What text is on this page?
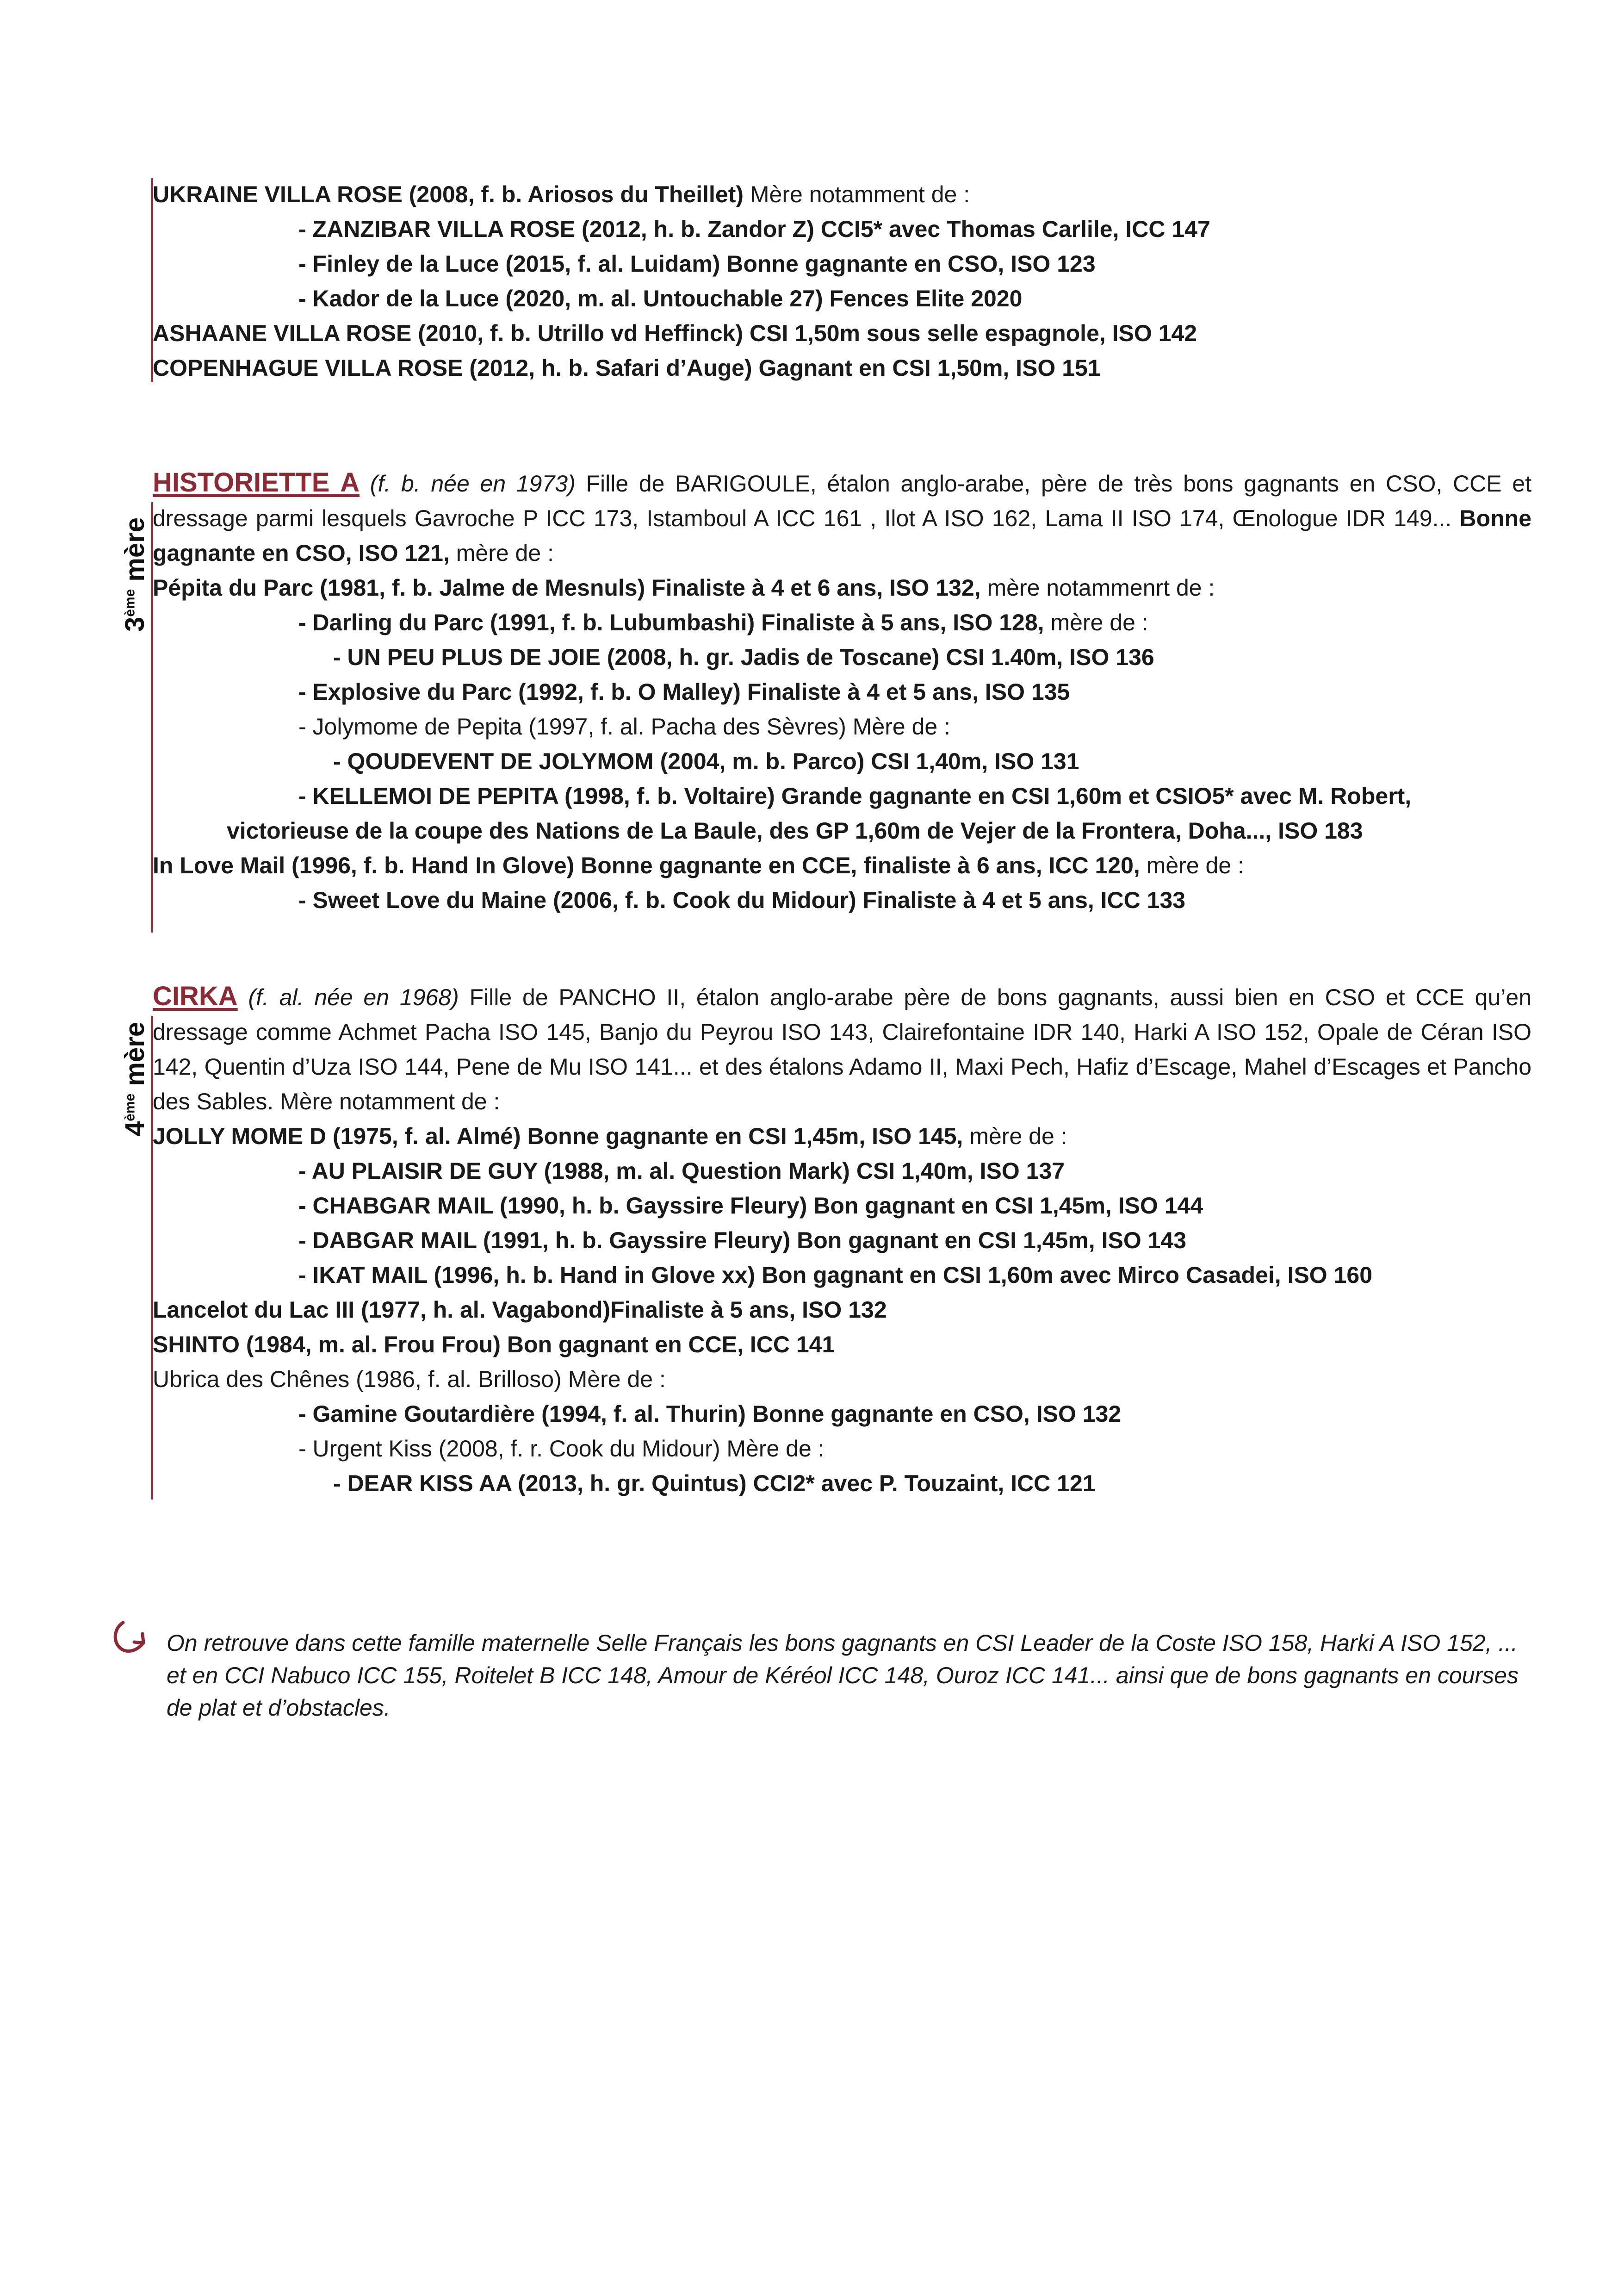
UKRAINE VILLA ROSE (2008, f. b. Ariosos du Theillet) Mère notamment de :

- ZANZIBAR VILLA ROSE (2012, h. b. Zandor Z) CCI5* avec Thomas Carlile, ICC 147

- Finley de la Luce (2015, f. al. Luidam) Bonne gagnante en CSO, ISO 123

- Kador de la Luce (2020, m. al. Untouchable 27) Fences Elite 2020

ASHAANE VILLA ROSE (2010, f. b. Utrillo vd Heffinck) CSI 1,50m sous selle espagnole, ISO 142

COPENHAGUE VILLA ROSE (2012, h. b. Safari d’Auge) Gagnant en CSI 1,50m, ISO 151

3ème mère

HISTORIETTE A (f. b. née en 1973) Fille de BARIGOULE, étalon anglo-arabe, père de très bons gagnants en CSO, CCE et dressage parmi lesquels Gavroche P ICC 173, Istamboul A ICC 161 , Ilot A ISO 162, Lama II ISO 174, Œnologue IDR 149... Bonne gagnante en CSO, ISO 121, mère de :

Pépita du Parc (1981, f. b. Jalme de Mesnuls) Finaliste à 4 et 6 ans, ISO 132, mère notammenrt de :

- Darling du Parc (1991, f. b. Lubumbashi) Finaliste à 5 ans, ISO 128, mère de :

- UN PEU PLUS DE JOIE (2008, h. gr. Jadis de Toscane) CSI 1.40m, ISO 136

- Explosive du Parc (1992, f. b. O Malley) Finaliste à 4 et 5 ans, ISO 135

- Jolymome de Pepita (1997, f. al. Pacha des Sèvres) Mère de :

- QOUDEVENT DE JOLYMOM (2004, m. b. Parco) CSI 1,40m, ISO 131

- KELLEMOI DE PEPITA (1998, f. b. Voltaire) Grande gagnante en CSI 1,60m et CSIO5* avec M. Robert,

victorieuse de la coupe des Nations de La Baule, des GP 1,60m de Vejer de la Frontera, Doha..., ISO 183

In Love Mail (1996, f. b. Hand In Glove) Bonne gagnante en CCE, finaliste à 6 ans, ICC 120, mère de :

- Sweet Love du Maine (2006, f. b. Cook du Midour) Finaliste à 4 et 5 ans, ICC 133

4ème mère

CIRKA (f. al. née en 1968) Fille de PANCHO II, étalon anglo-arabe père de bons gagnants, aussi bien en CSO et CCE qu’en dressage comme Achmet Pacha ISO 145, Banjo du Peyrou ISO 143, Clairefontaine IDR 140, Harki A ISO 152, Opale de Céran ISO 142, Quentin d’Uza ISO 144, Pene de Mu ISO 141... et des étalons Adamo II, Maxi Pech, Hafiz d’Escage, Mahel d’Escages et Pancho des Sables. Mère notamment de :

JOLLY MOME D (1975, f. al. Almé) Bonne gagnante en CSI 1,45m, ISO 145, mère de :

- AU PLAISIR DE GUY (1988, m. al. Question Mark) CSI 1,40m, ISO 137

- CHABGAR MAIL (1990, h. b. Gayssire Fleury) Bon gagnant en CSI 1,45m, ISO 144

- DABGAR MAIL (1991, h. b. Gayssire Fleury) Bon gagnant en CSI 1,45m, ISO 143

- IKAT MAIL (1996, h. b. Hand in Glove xx) Bon gagnant en CSI 1,60m avec Mirco Casadei, ISO 160

Lancelot du Lac III (1977, h. al. Vagabond)Finaliste à 5 ans, ISO 132

SHINTO (1984, m. al. Frou Frou) Bon gagnant en CCE, ICC 141

Ubrica des Chênes (1986, f. al. Brilloso) Mère de :

- Gamine Goutardière (1994, f. al. Thurin) Bonne gagnante en CSO, ISO 132

- Urgent Kiss (2008, f. r. Cook du Midour) Mère de :

- DEAR KISS AA (2013, h. gr. Quintus) CCI2* avec P. Touzaint, ICC 121

On retrouve dans cette famille maternelle Selle Français les bons gagnants en CSI Leader de la Coste ISO 158, Harki A ISO 152, ... et en CCI Nabuco ICC 155, Roitelet B ICC 148, Amour de Kéréol ICC 148, Ouroz ICC 141... ainsi que de bons gagnants en courses de plat et d’obstacles.
